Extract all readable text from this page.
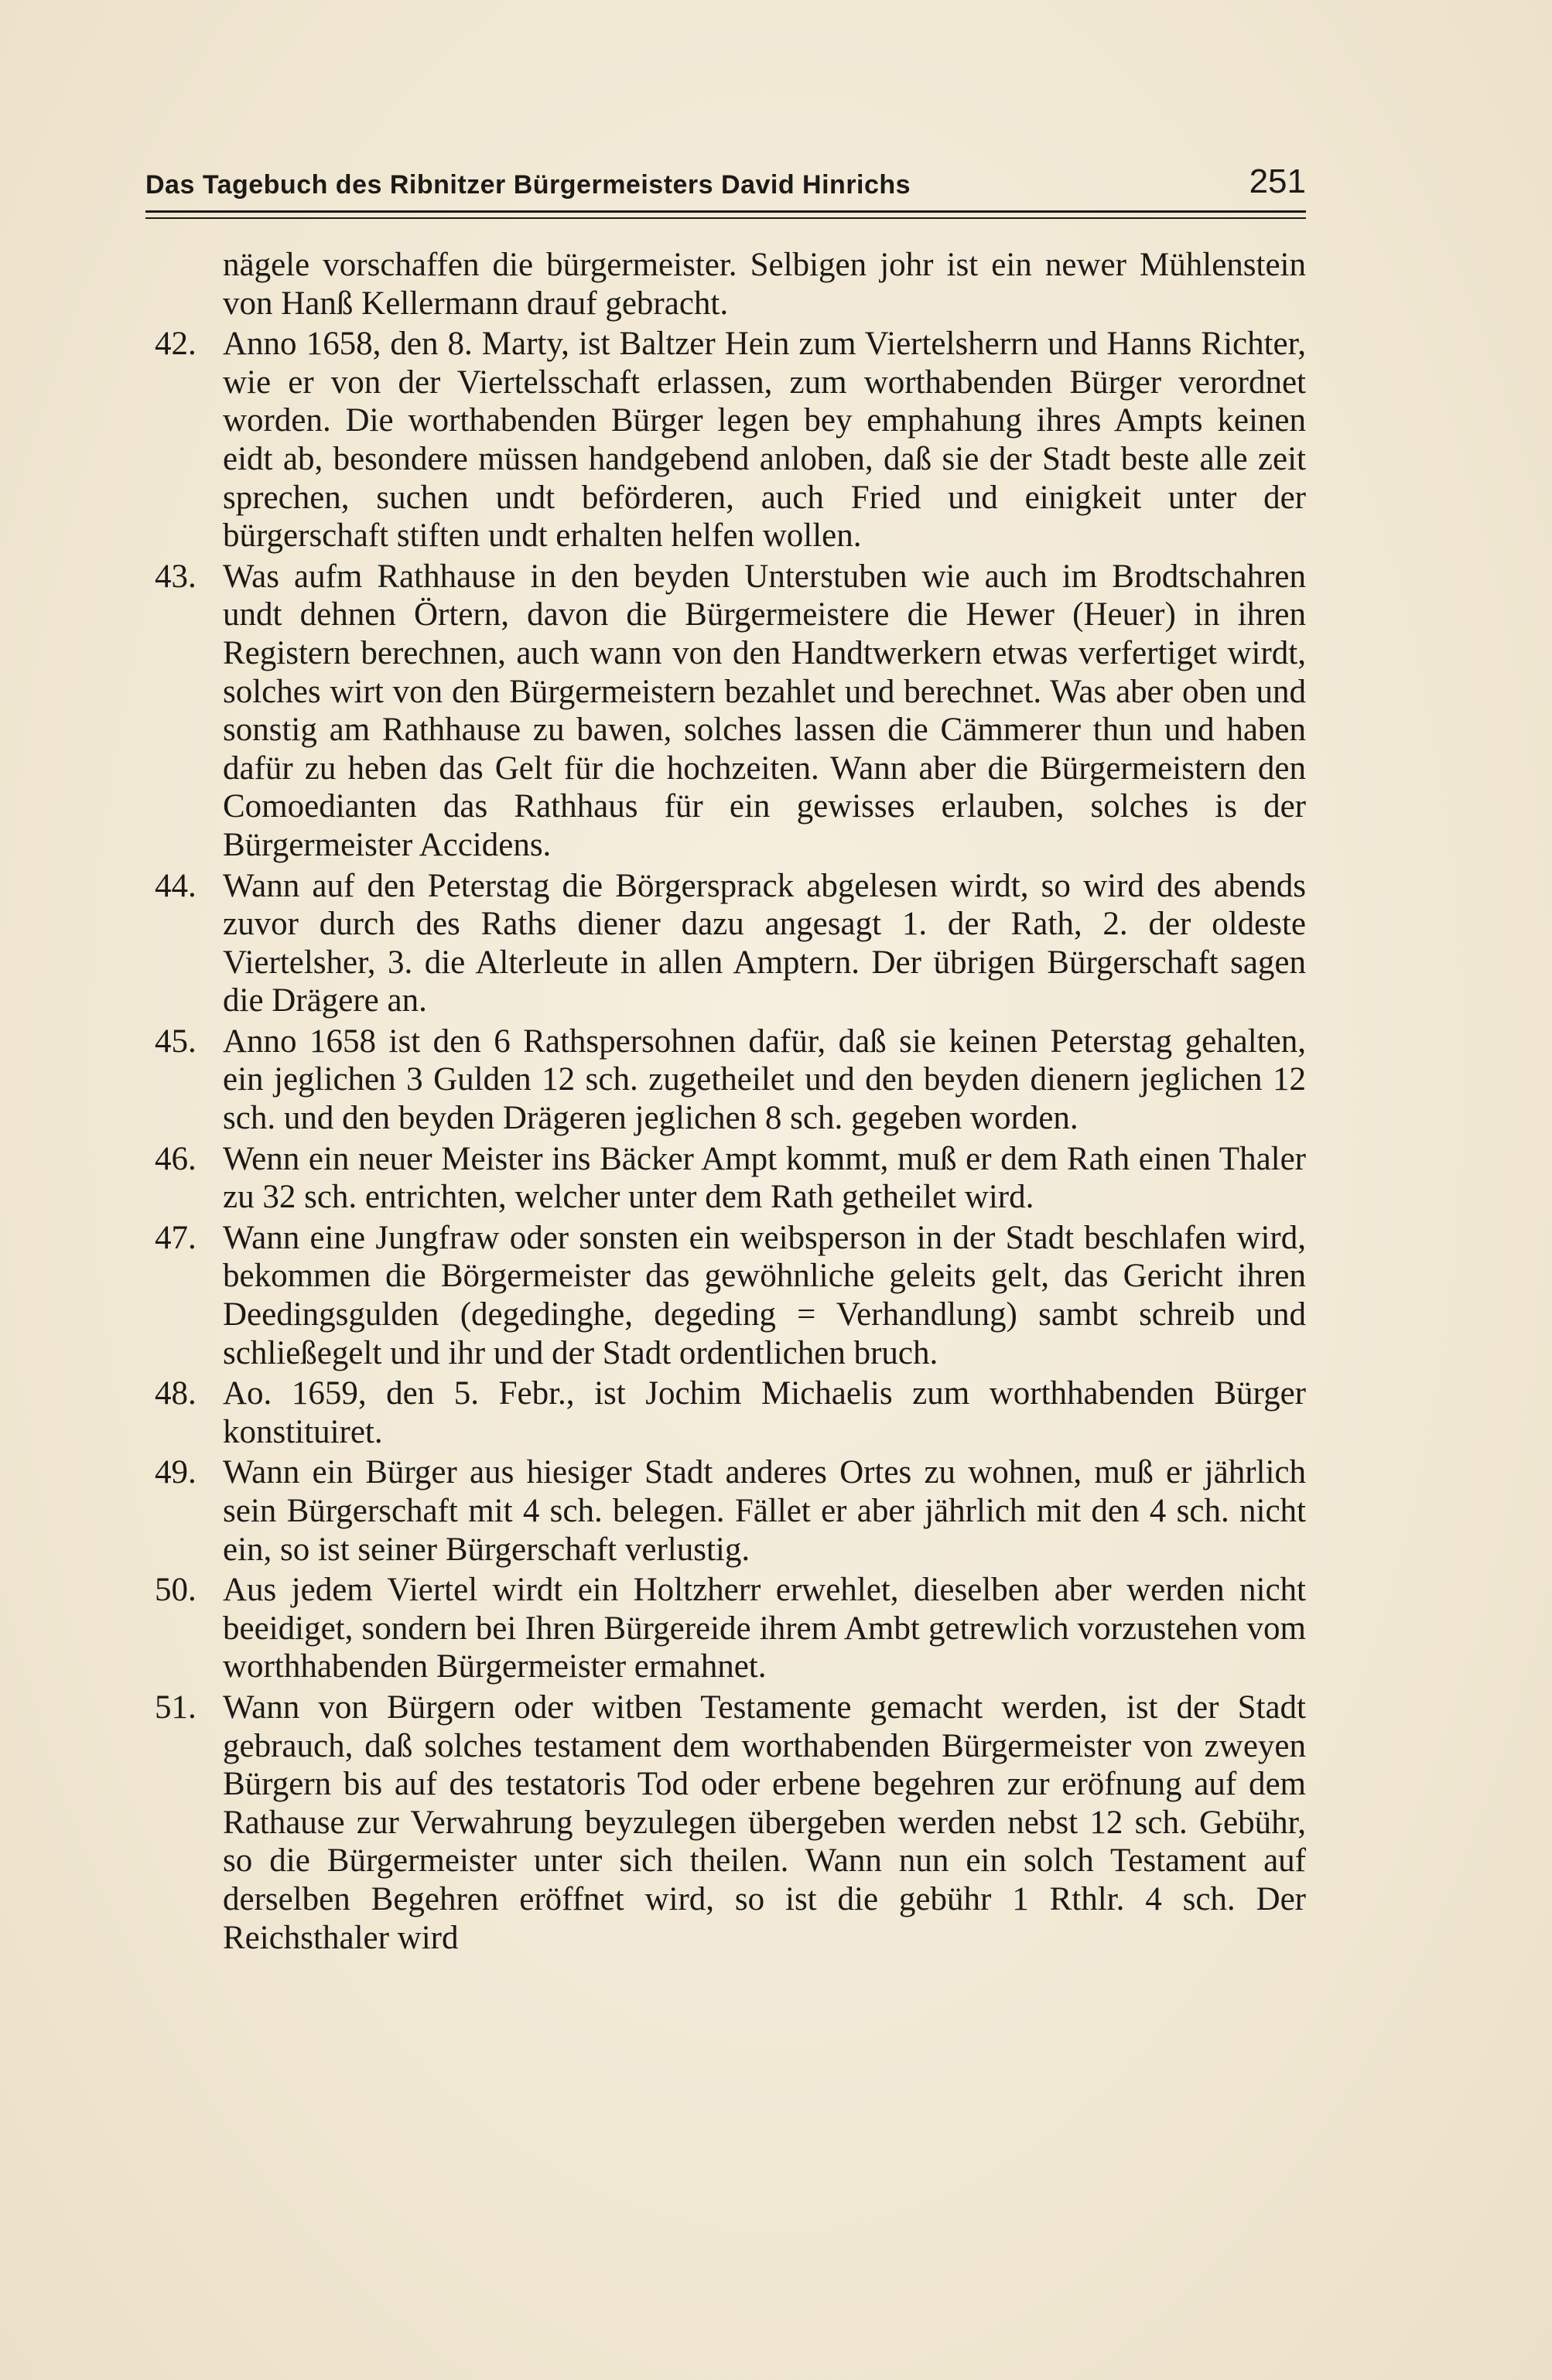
Das Tagebuch des Ribnitzer Bürgermeisters David Hinrichs	251
nägele vorschaffen die bürgermeister. Selbigen johr ist ein newer Mühlenstein von Hanß Kellermann drauf gebracht.
42. Anno 1658, den 8. Marty, ist Baltzer Hein zum Viertelsherrn und Hanns Richter, wie er von der Viertelsschaft erlassen, zum worthabenden Bürger verordnet worden. Die worthabenden Bürger legen bey emphahung ihres Ampts keinen eidt ab, besondere müssen handgebend anloben, daß sie der Stadt beste alle zeit sprechen, suchen undt beförderen, auch Fried und einigkeit unter der bürgerschaft stiften undt erhalten helfen wollen.
43. Was aufm Rathhause in den beyden Unterstuben wie auch im Brodtschahren undt dehnen Örtern, davon die Bürgermeistere die Hewer (Heuer) in ihren Registern berechnen, auch wann von den Handtwerkern etwas verfertiget wirdt, solches wirt von den Bürgermeistern bezahlet und berechnet. Was aber oben und sonstig am Rathhause zu bawen, solches lassen die Cämmerer thun und haben dafür zu heben das Gelt für die hochzeiten. Wann aber die Bürgermeistern den Comoedianten das Rathhaus für ein gewisses erlauben, solches is der Bürgermeister Accidens.
44. Wann auf den Peterstag die Börgersprack abgelesen wirdt, so wird des abends zuvor durch des Raths diener dazu angesagt 1. der Rath, 2. der oldeste Viertelsher, 3. die Alterleute in allen Amptern. Der übrigen Bürgerschaft sagen die Drägere an.
45. Anno 1658 ist den 6 Rathspersohnen dafür, daß sie keinen Peterstag gehalten, ein jeglichen 3 Gulden 12 sch. zugetheilet und den beyden dienern jeglichen 12 sch. und den beyden Drägeren jeglichen 8 sch. gegeben worden.
46. Wenn ein neuer Meister ins Bäcker Ampt kommt, muß er dem Rath einen Thaler zu 32 sch. entrichten, welcher unter dem Rath getheilet wird.
47. Wann eine Jungfraw oder sonsten ein weibsperson in der Stadt beschlafen wird, bekommen die Börgermeister das gewöhnliche geleits gelt, das Gericht ihren Deedingsgulden (degedinghe, degeding = Verhandlung) sambt schreib und schließegelt und ihr und der Stadt ordentlichen bruch.
48. Ao. 1659, den 5. Febr., ist Jochim Michaelis zum worthhabenden Bürger konstituiret.
49. Wann ein Bürger aus hiesiger Stadt anderes Ortes zu wohnen, muß er jährlich sein Bürgerschaft mit 4 sch. belegen. Fället er aber jährlich mit den 4 sch. nicht ein, so ist seiner Bürgerschaft verlustig.
50. Aus jedem Viertel wirdt ein Holtzherr erwehlet, dieselben aber werden nicht beeidiget, sondern bei Ihren Bürgereide ihrem Ambt getrewlich vorzustehen vom worthhabenden Bürgermeister ermahnet.
51. Wann von Bürgern oder witben Testamente gemacht werden, ist der Stadt gebrauch, daß solches testament dem worthabenden Bürgermeister von zweyen Bürgern bis auf des testatoris Tod oder erbene begehren zur eröfnung auf dem Rathause zur Verwahrung beyzulegen übergeben werden nebst 12 sch. Gebühr, so die Bürgermeister unter sich theilen. Wann nun ein solch Testament auf derselben Begehren eröffnet wird, so ist die gebühr 1 Rthlr. 4 sch. Der Reichsthaler wird
